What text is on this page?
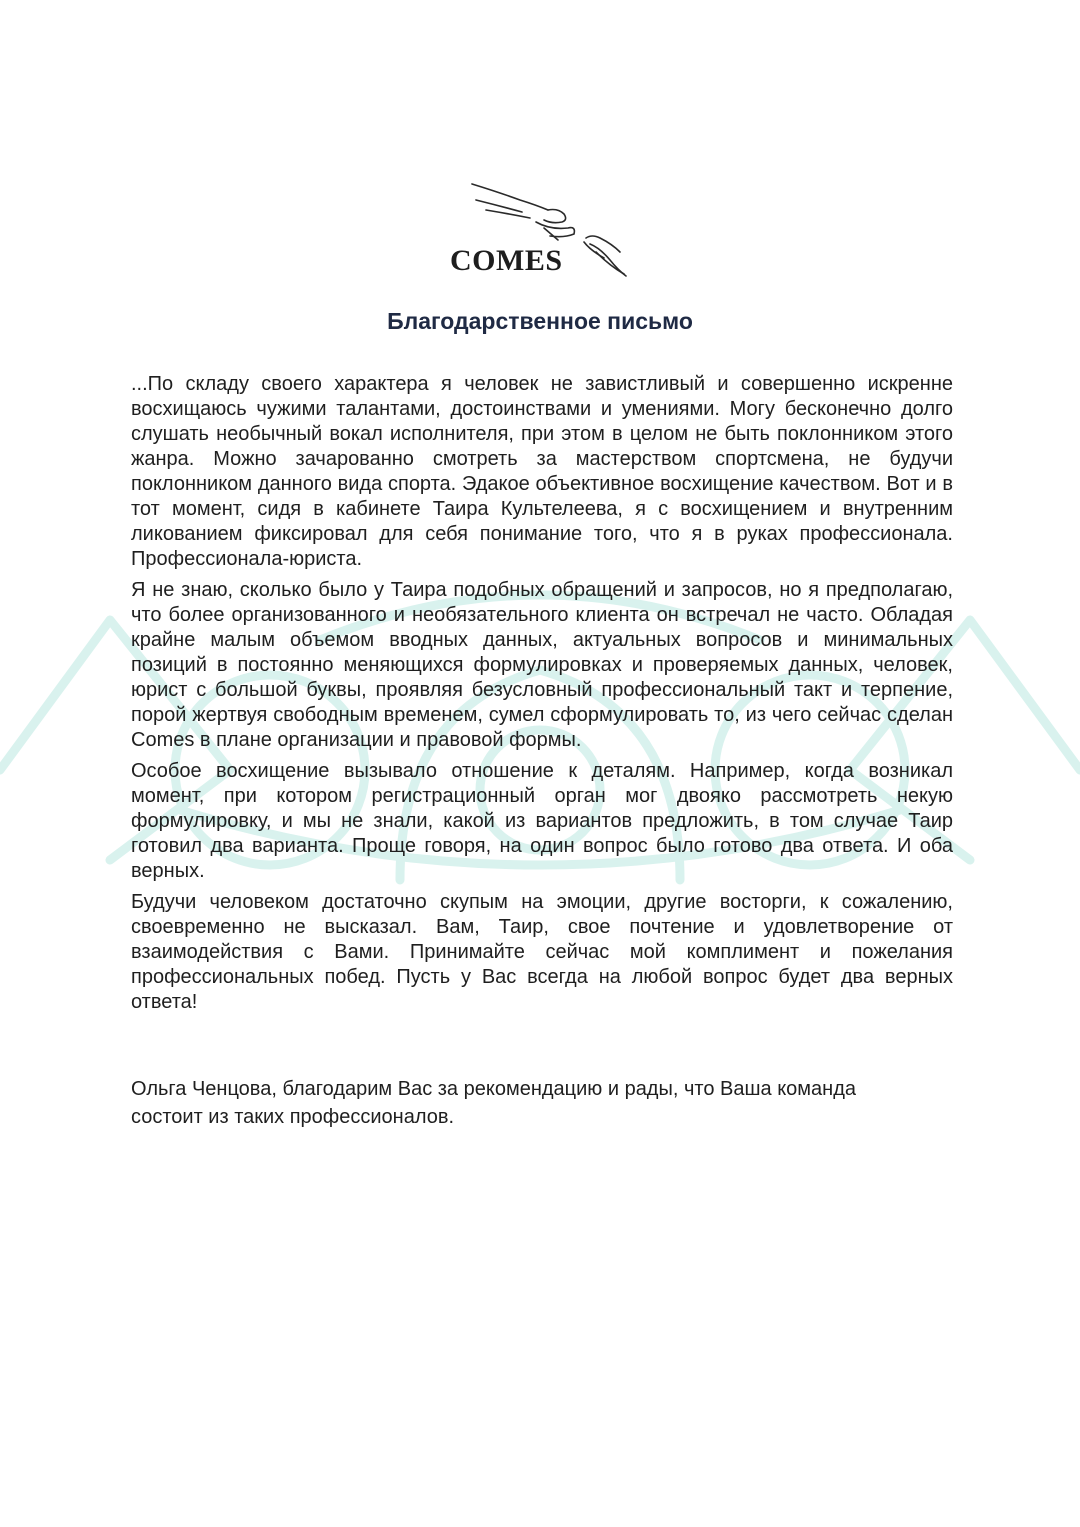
COMES
Благодарственное письмо

...По складу своего характера я человек не завистливый и совершенно искренне восхищаюсь чужими талантами, достоинствами и умениями. Могу бесконечно долго слушать необычный вокал исполнителя, при этом в целом не быть поклонником этого жанра. Можно зачарованно смотреть за мастерством спортсмена, не будучи поклонником данного вида спорта. Эдакое объективное восхищение качеством. Вот и в тот момент, сидя в кабинете Таира Культелеева, я с восхищением и внутренним ликованием фиксировал для себя понимание того, что я в руках профессионала. Профессионала-юриста.

Я не знаю, сколько было у Таира подобных обращений и запросов, но я предполагаю, что более организованного и необязательного клиента он встречал не часто. Обладая крайне малым объемом вводных данных, актуальных вопросов и минимальных позиций в постоянно меняющихся формулировках и проверяемых данных, человек, юрист с большой буквы, проявляя безусловный профессиональный такт и терпение, порой жертвуя свободным временем, сумел сформулировать то, из чего сейчас сделан Comes в плане организации и правовой формы.

Особое восхищение вызывало отношение к деталям. Например, когда возникал момент, при котором регистрационный орган мог двояко рассмотреть некую формулировку, и мы не знали, какой из вариантов предложить, в том случае Таир готовил два варианта. Проще говоря, на один вопрос было готово два ответа. И оба верных.

Будучи человеком достаточно скупым на эмоции, другие восторги, к сожалению, своевременно не высказал. Вам, Таир, свое почтение и удовлетворение от взаимодействия с Вами. Принимайте сейчас мой комплимент и пожелания профессиональных побед. Пусть у Вас всегда на любой вопрос будет два верных ответа!

Ольга Ченцова, благодарим Вас за рекомендацию и рады, что Ваша команда

состоит из таких профессионалов.
